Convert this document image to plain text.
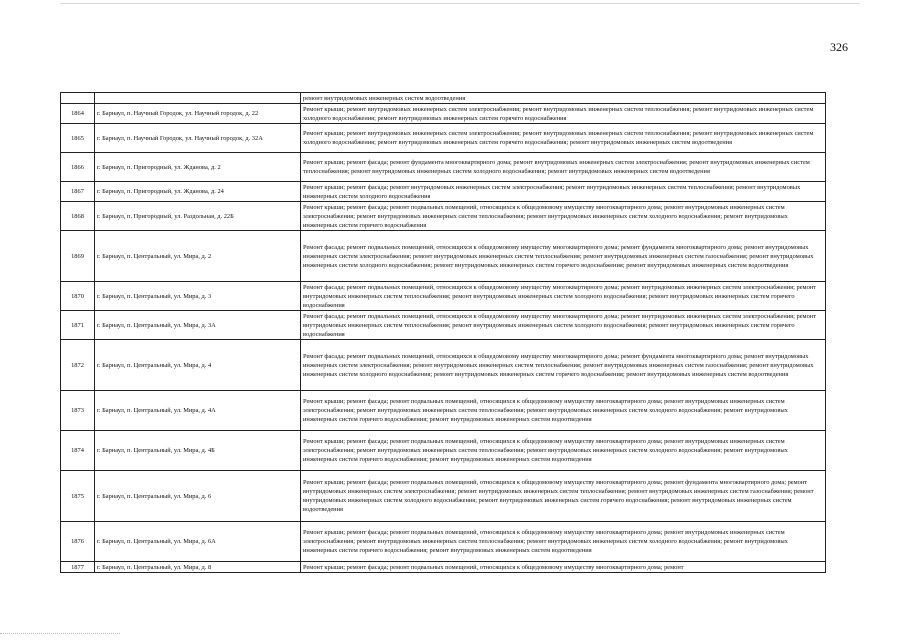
326
		ремонт внутридомовых инженерных систем водоотведения
1864	г. Барнаул, п. Научный Городок, ул. Научный городок, д. 22	Ремонт крыши; ремонт внутридомовых инженерных систем электроснабжения; ремонт внутридомовых инженерных систем теплоснабжения; ремонт внутридомовых инженерных систем холодного водоснабжения; ремонт внутридомовых инженерных систем горячего водоснабжения
1865	г. Барнаул, п. Научный Городок, ул. Научный городок, д. 32А	Ремонт крыши; ремонт внутридомовых инженерных систем электроснабжения; ремонт внутридомовых инженерных систем теплоснабжения; ремонт внутридомовых инженерных систем холодного водоснабжения; ремонт внутридомовых инженерных систем горячего водоснабжения; ремонт внутридомовых инженерных систем водоотведения
1866	г. Барнаул, п. Пригородный, ул. Жданова, д. 2	Ремонт крыши; ремонт фасада; ремонт фундамента многоквартирного дома; ремонт внутридомовых инженерных систем электроснабжения; ремонт внутридомовых инженерных систем теплоснабжения; ремонт внутридомовых инженерных систем холодного водоснабжения; ремонт внутридомовых инженерных систем водоотведения
1867	г. Барнаул, п. Пригородный, ул. Жданова, д. 24	Ремонт крыши; ремонт фасада; ремонт внутридомовых инженерных систем электроснабжения; ремонт внутридомовых инженерных систем теплоснабжения; ремонт внутридомовых инженерных систем холодного водоснабжения
1868	г. Барнаул, п. Пригородный, ул. Раздольная, д. 22Б	Ремонт крыши; ремонт фасада; ремонт подвальных помещений, относящихся к общедомовому имуществу многоквартирного дома; ремонт внутридомовых инженерных систем электроснабжения; ремонт внутридомовых инженерных систем теплоснабжения; ремонт внутридомовых инженерных систем холодного водоснабжения; ремонт внутридомовых инженерных систем горячего водоснабжения
1869	г. Барнаул, п. Центральный, ул. Мира, д. 2	Ремонт фасада; ремонт подвальных помещений, относящихся к общедомовому имуществу многоквартирного дома; ремонт фундамента многоквартирного дома; ремонт внутридомовых инженерных систем электроснабжения; ремонт внутридомовых инженерных систем теплоснабжения; ремонт внутридомовых инженерных систем газоснабжения; ремонт внутридомовых инженерных систем холодного водоснабжения; ремонт внутридомовых инженерных систем горячего водоснабжения; ремонт внутридомовых инженерных систем водоотведения
1870	г. Барнаул, п. Центральный, ул. Мира, д. 3	Ремонт фасада; ремонт подвальных помещений, относящихся к общедомовому имуществу многоквартирного дома; ремонт внутридомовых инженерных систем электроснабжения; ремонт внутридомовых инженерных систем теплоснабжения; ремонт внутридомовых инженерных систем холодного водоснабжения; ремонт внутридомовых инженерных систем горячего водоснабжения
1871	г. Барнаул, п. Центральный, ул. Мира, д. 3А	Ремонт фасада; ремонт подвальных помещений, относящихся к общедомовому имуществу многоквартирного дома; ремонт внутридомовых инженерных систем электроснабжения; ремонт внутридомовых инженерных систем теплоснабжения; ремонт внутридомовых инженерных систем холодного водоснабжения; ремонт внутридомовых инженерных систем горячего водоснабжения
1872	г. Барнаул, п. Центральный, ул. Мира, д. 4	Ремонт фасада; ремонт подвальных помещений, относящихся к общедомовому имуществу многоквартирного дома; ремонт фундамента многоквартирного дома; ремонт внутридомовых инженерных систем электроснабжения; ремонт внутридомовых инженерных систем теплоснабжения; ремонт внутридомовых инженерных систем газоснабжения; ремонт внутридомовых инженерных систем холодного водоснабжения; ремонт внутридомовых инженерных систем горячего водоснабжения; ремонт внутридомовых инженерных систем водоотведения
1873	г. Барнаул, п. Центральный, ул. Мира, д. 4А	Ремонт крыши; ремонт фасада; ремонт подвальных помещений, относящихся к общедомовому имуществу многоквартирного дома; ремонт внутридомовых инженерных систем электроснабжения; ремонт внутридомовых инженерных систем теплоснабжения; ремонт внутридомовых инженерных систем холодного водоснабжения; ремонт внутридомовых инженерных систем горячего водоснабжения; ремонт внутридомовых инженерных систем водоотведения
1874	г. Барнаул, п. Центральный, ул. Мира, д. 4Б	Ремонт крыши; ремонт фасада; ремонт подвальных помещений, относящихся к общедомовому имуществу многоквартирного дома; ремонт внутридомовых инженерных систем электроснабжения; ремонт внутридомовых инженерных систем теплоснабжения; ремонт внутридомовых инженерных систем холодного водоснабжения; ремонт внутридомовых инженерных систем горячего водоснабжения; ремонт внутридомовых инженерных систем водоотведения
1875	г. Барнаул, п. Центральный, ул. Мира, д. 6	Ремонт крыши; ремонт фасада; ремонт подвальных помещений, относящихся к общедомовому имуществу многоквартирного дома; ремонт фундамента многоквартирного дома; ремонт внутридомовых инженерных систем электроснабжения; ремонт внутридомовых инженерных систем теплоснабжения; ремонт внутридомовых инженерных систем газоснабжения; ремонт внутридомовых инженерных систем холодного водоснабжения; ремонт внутридомовых инженерных систем горячего водоснабжения; ремонт внутридомовых инженерных систем водоотведения
1876	г. Барнаул, п. Центральный, ул. Мира, д. 6А	Ремонт крыши; ремонт фасада; ремонт подвальных помещений, относящихся к общедомовому имуществу многоквартирного дома; ремонт внутридомовых инженерных систем электроснабжения; ремонт внутридомовых инженерных систем теплоснабжения; ремонт внутридомовых инженерных систем холодного водоснабжения; ремонт внутридомовых инженерных систем горячего водоснабжения; ремонт внутридомовых инженерных систем водоотведения
1877	г. Барнаул, п. Центральный, ул. Мира, д. 8	Ремонт крыши; ремонт фасада; ремонт подвальных помещений, относящихся к общедомовому имуществу многоквартирного дома; ремонт
